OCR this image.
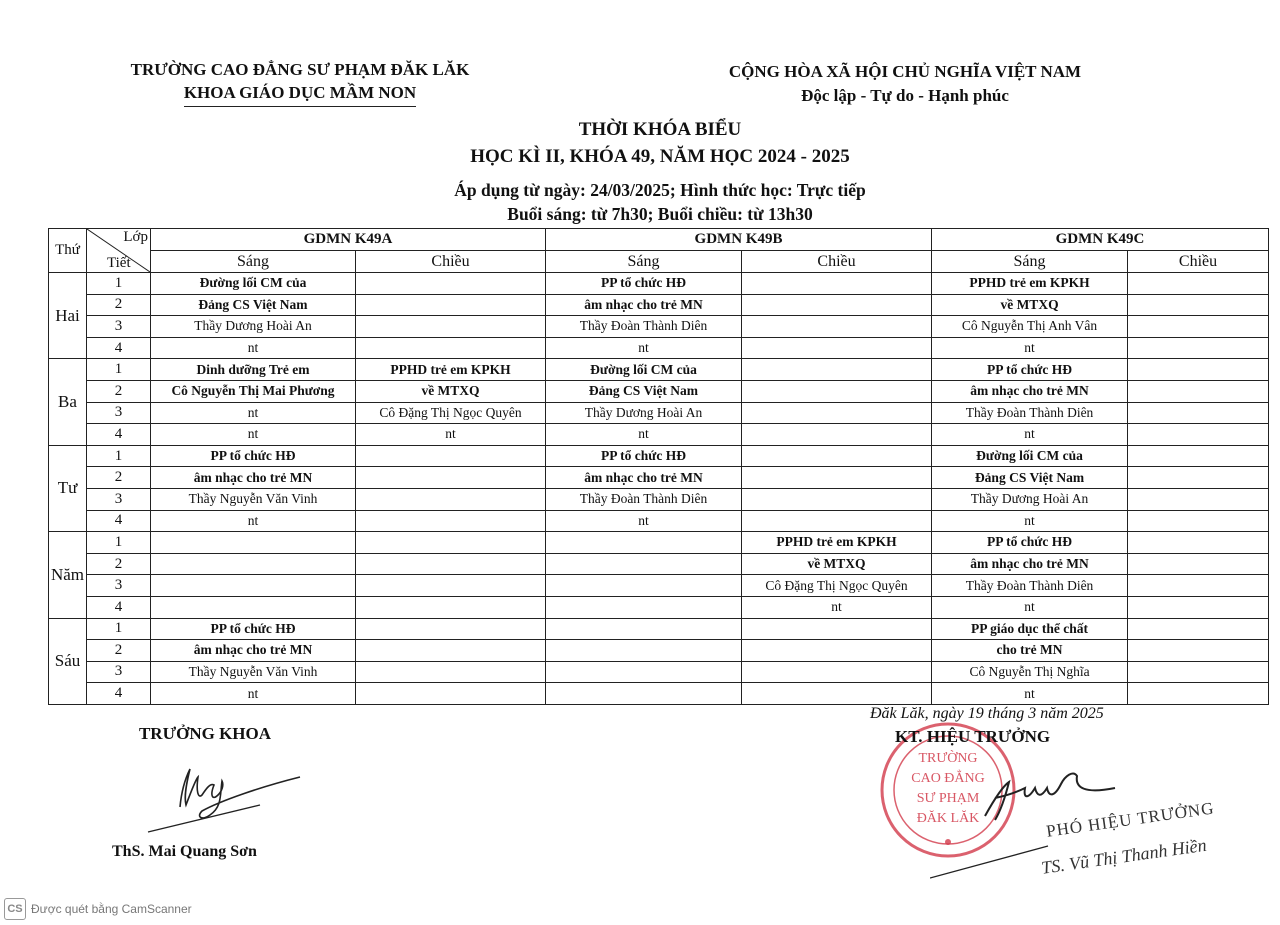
TRƯỜNG CAO ĐẲNG SƯ PHẠM ĐĂK LĂK
KHOA GIÁO DỤC MẦM NON
CỘNG HÒA XÃ HỘI CHỦ NGHĨA VIỆT NAM
Độc lập - Tự do - Hạnh phúc
THỜI KHÓA BIỂU
HỌC KÌ II, KHÓA 49, NĂM HỌC 2024 - 2025
Áp dụng từ ngày: 24/03/2025; Hình thức học: Trực tiếp
Buổi sáng: từ 7h30; Buổi chiều: từ 13h30
Thứ	Lớp
Tiết	GDMN K49A		GDMN K49B		GDMN K49C	
		Sáng	Chiều	Sáng	Chiều	Sáng	Chiều
Hai	1	Đường lối CM của		PP tổ chức HĐ		PPHD trẻ em KPKH	
	2	Đảng CS Việt Nam		âm nhạc cho trẻ MN		về MTXQ	
	3	Thầy Dương Hoài An		Thầy Đoàn Thành Diên		Cô Nguyễn Thị Anh Vân	
	4	nt		nt		nt	
Ba	1	Dinh dưỡng Trẻ em	PPHD trẻ em KPKH	Đường lối CM của		PP tổ chức HĐ	
	2	Cô Nguyễn Thị Mai Phương	về MTXQ	Đảng CS Việt Nam		âm nhạc cho trẻ MN	
	3	nt	Cô Đặng Thị Ngọc Quyên	Thầy Dương Hoài An		Thầy Đoàn Thành Diên	
	4	nt	nt	nt		nt	
Tư	1	PP tổ chức HĐ		PP tổ chức HĐ		Đường lối CM của	
	2	âm nhạc cho trẻ MN		âm nhạc cho trẻ MN		Đảng CS Việt Nam	
	3	Thầy Nguyễn Văn Vinh		Thầy Đoàn Thành Diên		Thầy Dương Hoài An	
	4	nt		nt		nt	
Năm	1				PPHD trẻ em KPKH	PP tổ chức HĐ	
	2				về MTXQ	âm nhạc cho trẻ MN	
	3				Cô Đặng Thị Ngọc Quyên	Thầy Đoàn Thành Diên	
	4				nt	nt	
Sáu	1	PP tổ chức HĐ				PP giáo dục thể chất	
	2	âm nhạc cho trẻ MN				cho trẻ MN	
	3	Thầy Nguyễn Văn Vinh				Cô Nguyễn Thị Nghĩa	
	4	nt				nt	
TRƯỞNG KHOA
ThS. Mai Quang Sơn
Đăk Lăk, ngày 19 tháng 3 năm 2025
TRƯỜNG
CAO ĐẲNG
SƯ PHẠM
ĐĂK LĂK
KT. HIỆU TRƯỞNG
PHÓ HIỆU TRƯỞNG
TS. Vũ Thị Thanh Hiền
CS Được quét bằng CamScanner
